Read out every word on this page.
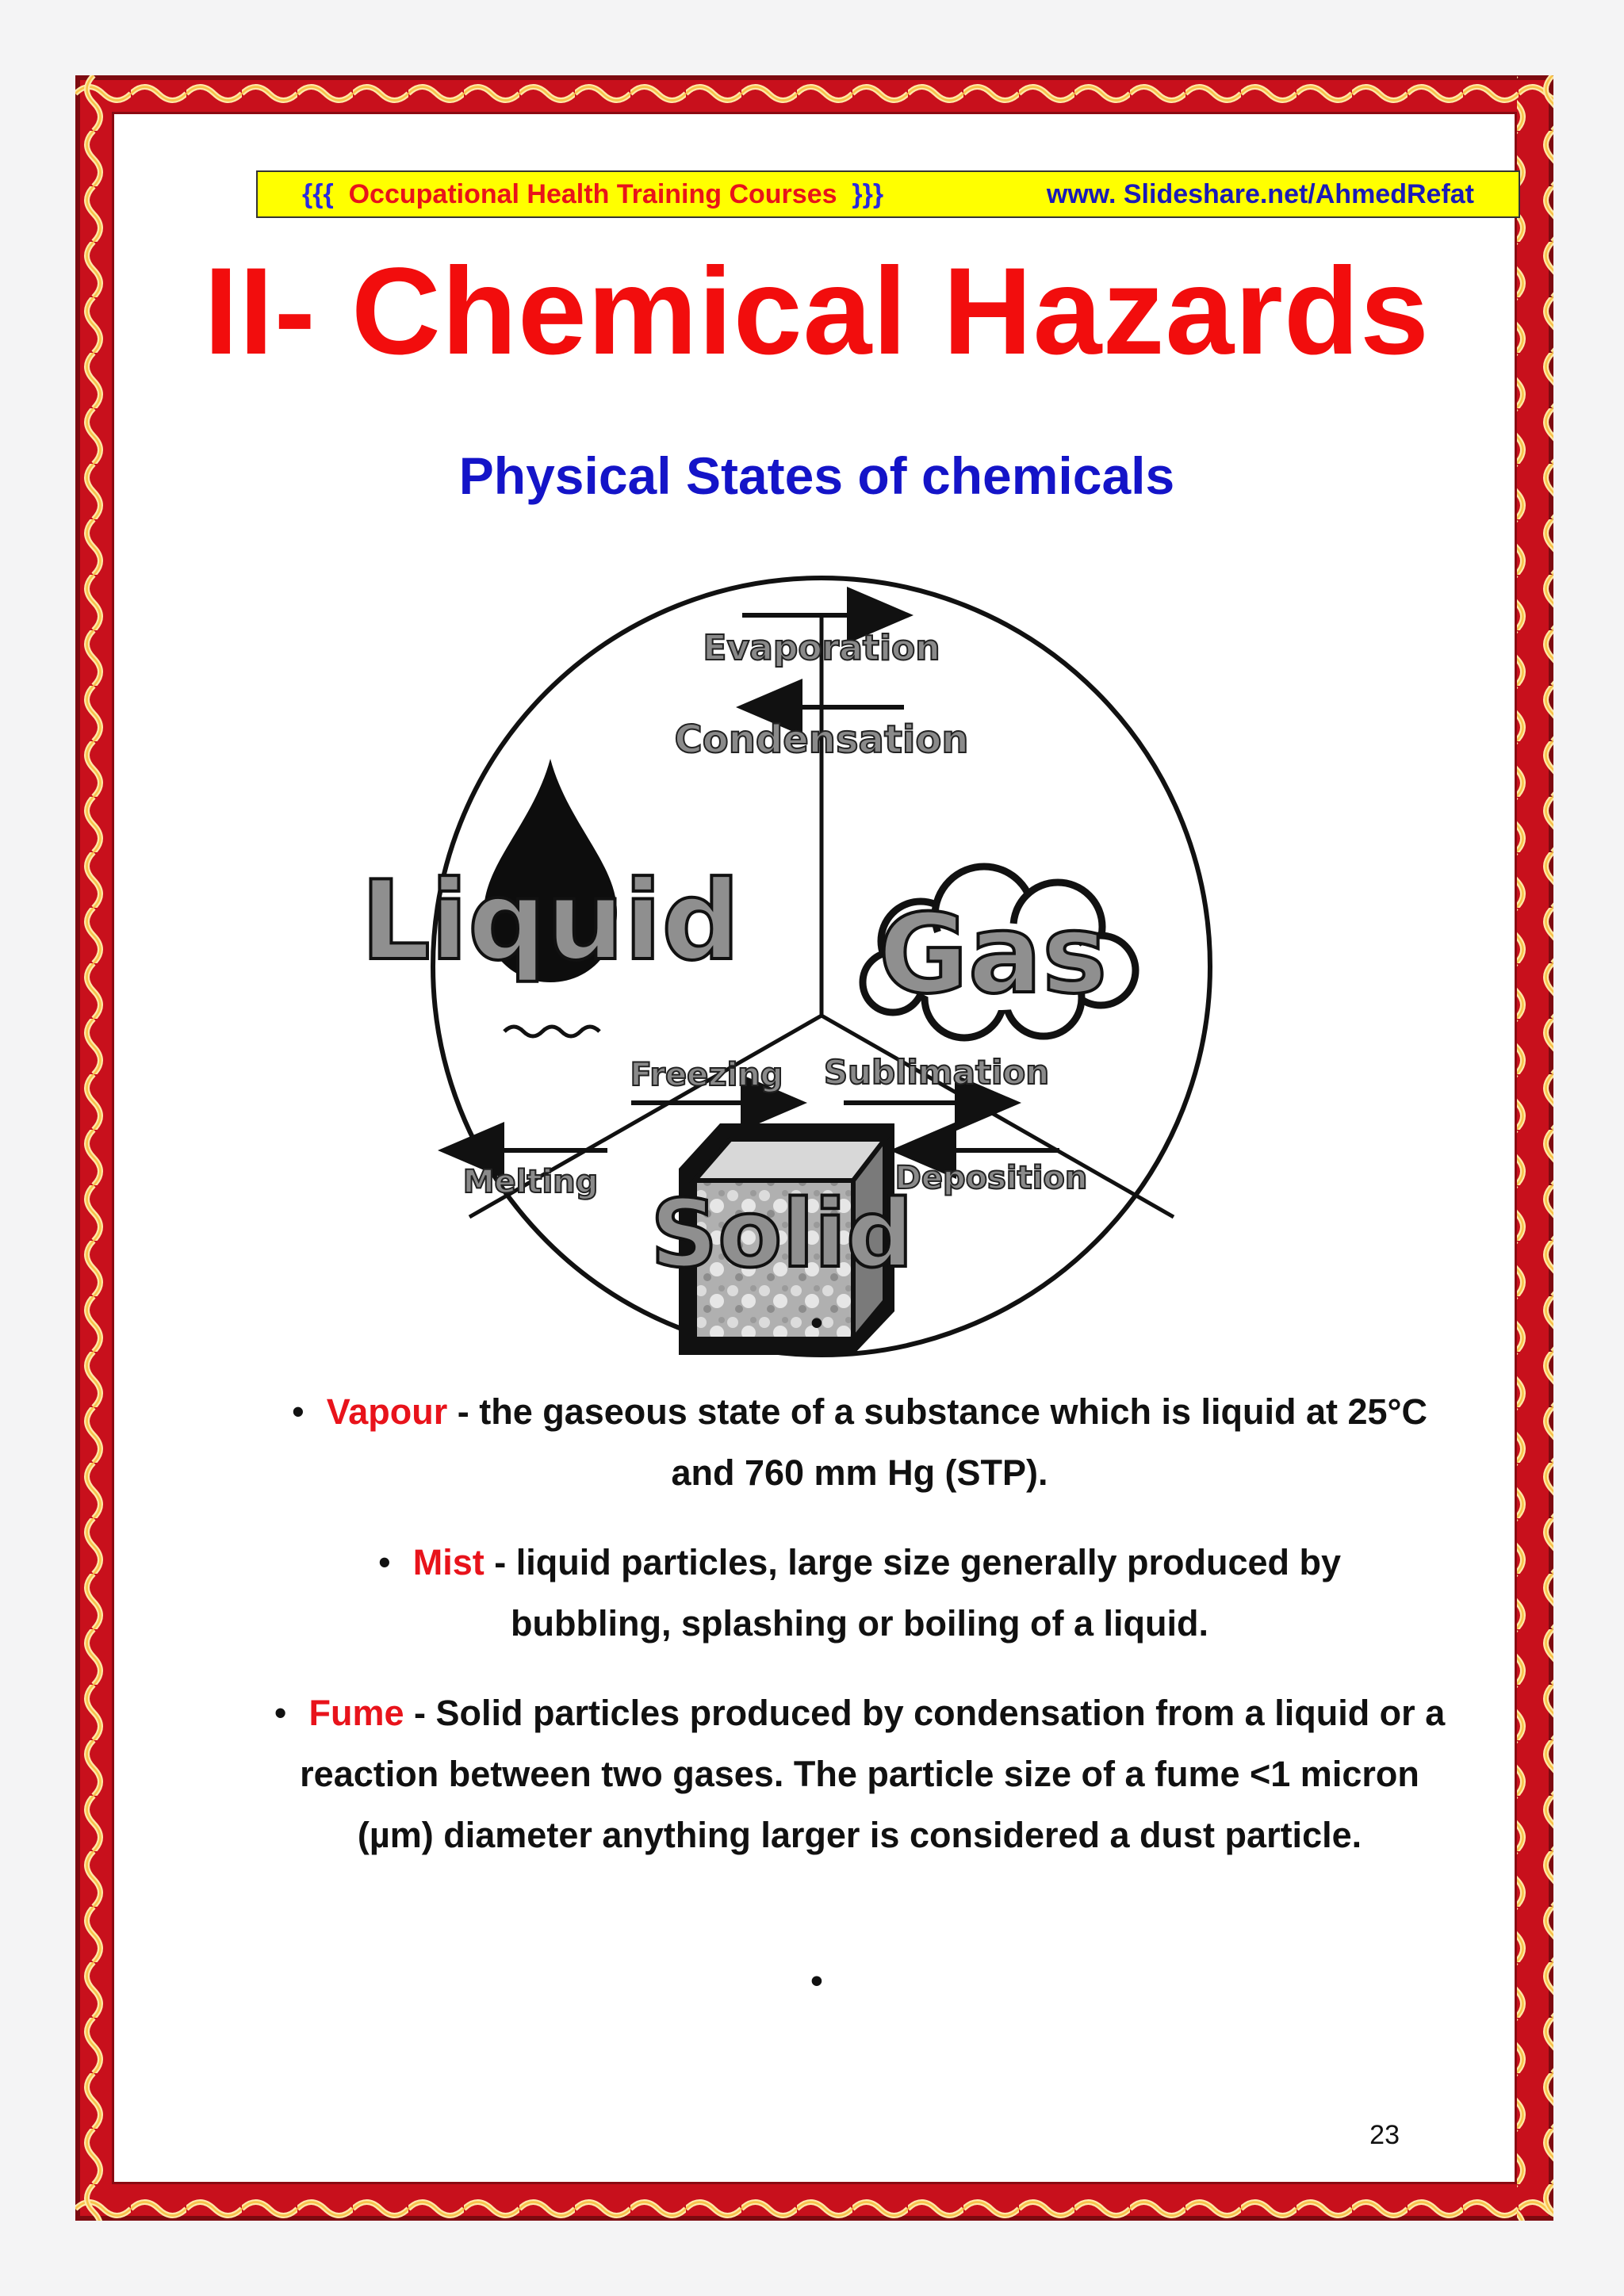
{{{ Occupational Health Training Courses }}}	www. Slideshare.net/AhmedRefat
II- Chemical Hazards
Physical States of chemicals
Evaporation
Condensation
Freezing
Melting
Sublimation
Deposition
Liquid Gas
Solid
•
• Vapour - the gaseous state of a substance which is liquid at 25°C and 760 mm Hg (STP).
• Mist - liquid particles, large size generally produced by bubbling, splashing or boiling of a liquid.
• Fume - Solid particles produced by condensation from a liquid or a reaction between two gases. The particle size of a fume <1 micron (µm) diameter anything larger is considered a dust particle.
•
23
